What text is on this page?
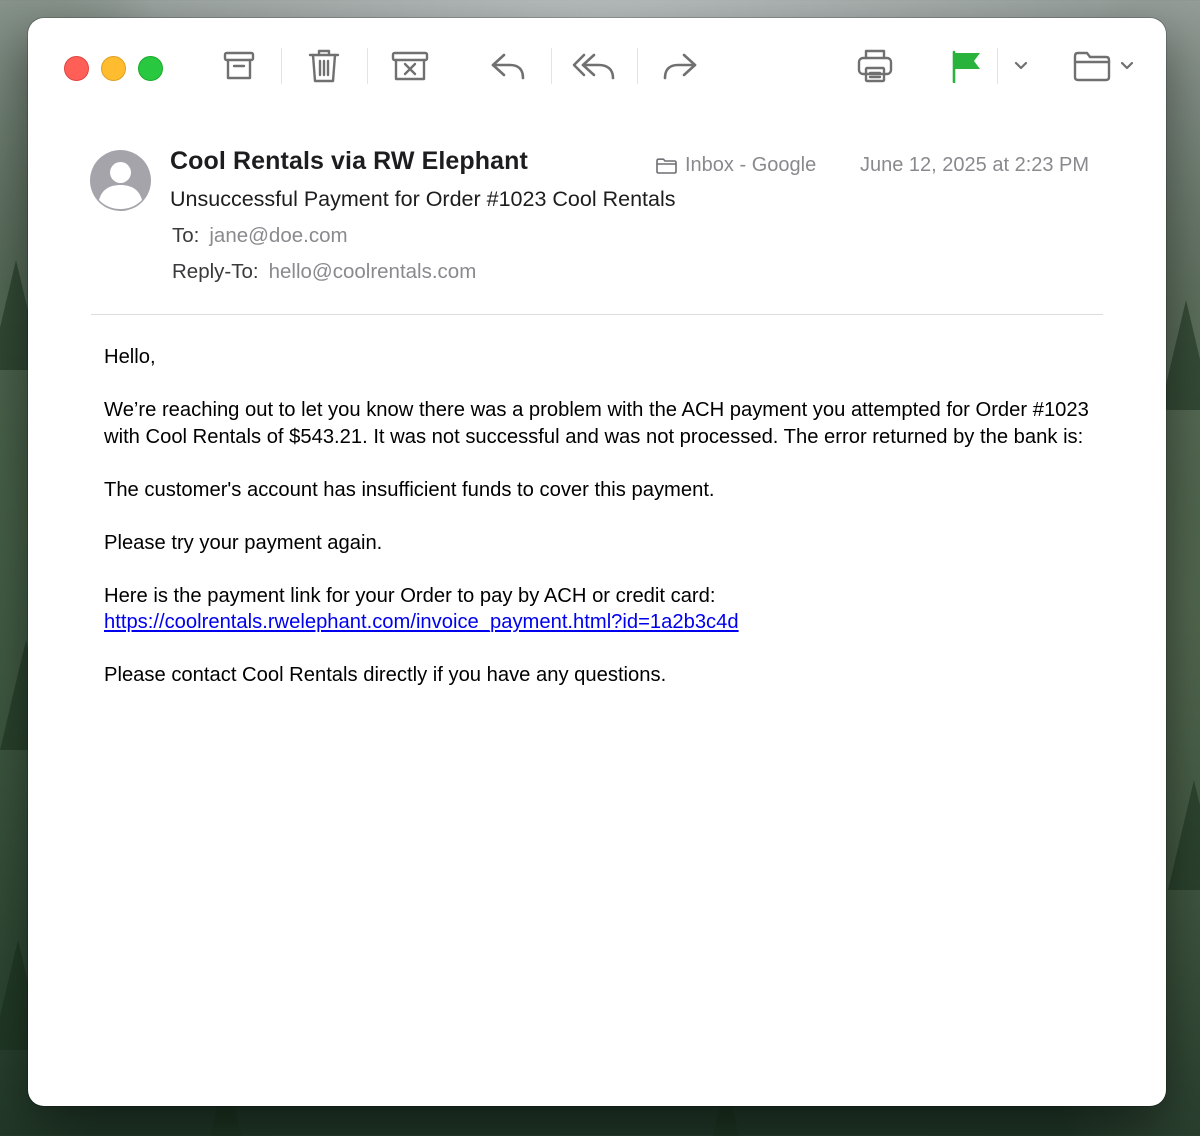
Cool Rentals via RW Elephant	Inbox - Google June 12, 2025 at 2:23 PM
Unsuccessful Payment for Order #1023 Cool Rentals
To: jane@doe.com
Reply-To: hello@coolrentals.com

Hello,

We’re reaching out to let you know there was a problem with the ACH payment you attempted for Order #1023 with Cool Rentals of $543.21. It was not successful and was not processed. The error returned by the bank is:

The customer's account has insufficient funds to cover this payment.

Please try your payment again.

Here is the payment link for your Order to pay by ACH or credit card:
https://coolrentals.rwelephant.com/invoice_payment.html?id=1a2b3c4d

Please contact Cool Rentals directly if you have any questions.
